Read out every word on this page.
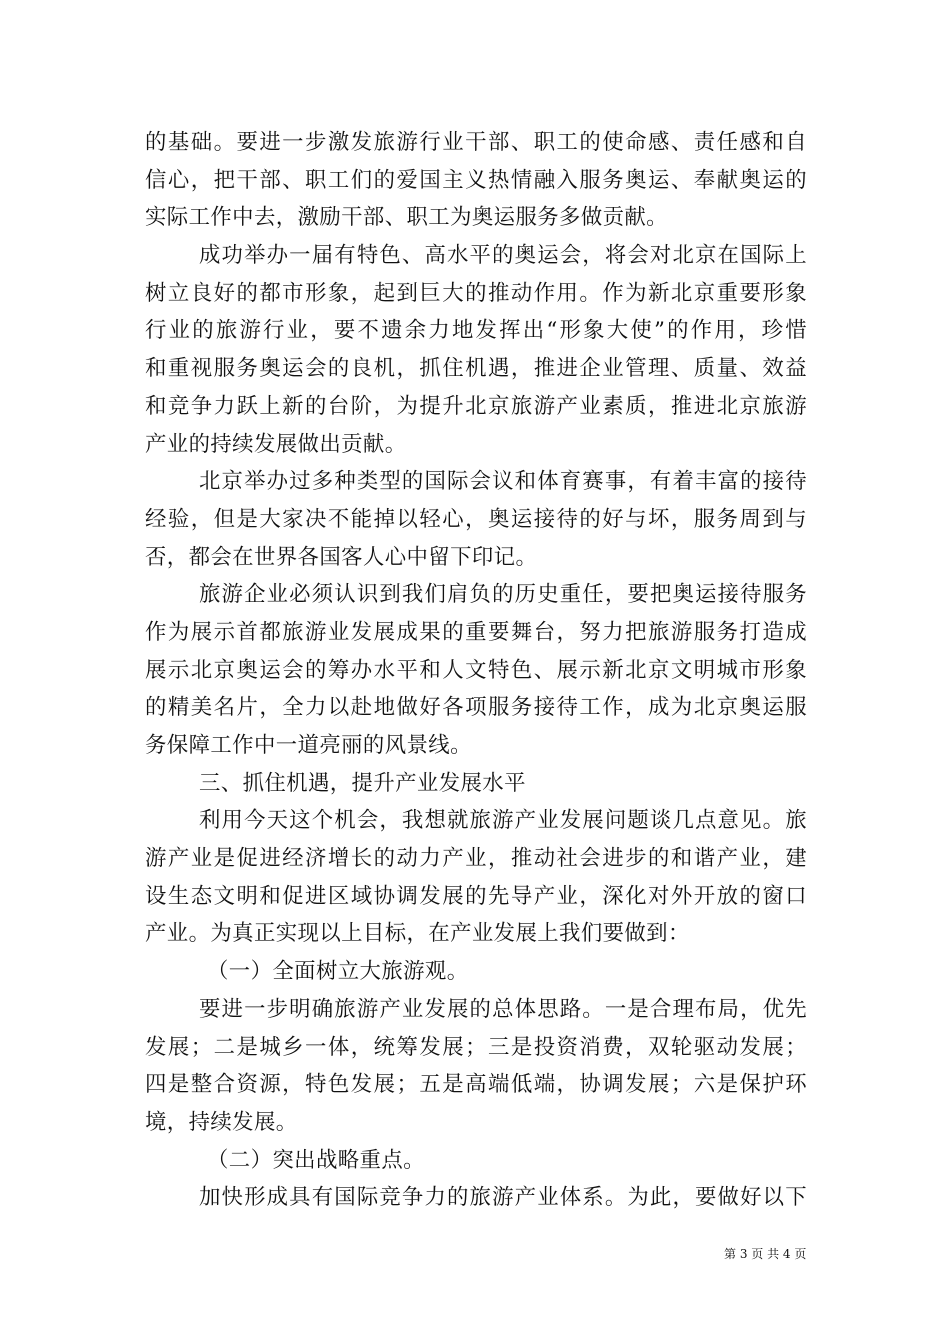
的基础。要进一步激发旅游行业干部、职工的使命感、责任感和自
信心，把干部、职工们的爱国主义热情融入服务奥运、奉献奥运的
实际工作中去，激励干部、职工为奥运服务多做贡献。
成功举办一届有特色、高水平的奥运会，将会对北京在国际上
树立良好的都市形象，起到巨大的推动作用。作为新北京重要形象
行业的旅游行业，要不遗余力地发挥出“形象大使”的作用，珍惜
和重视服务奥运会的良机，抓住机遇，推进企业管理、质量、效益
和竞争力跃上新的台阶，为提升北京旅游产业素质，推进北京旅游
产业的持续发展做出贡献。
北京举办过多种类型的国际会议和体育赛事，有着丰富的接待
经验，但是大家决不能掉以轻心，奥运接待的好与坏，服务周到与
否，都会在世界各国客人心中留下印记。
旅游企业必须认识到我们肩负的历史重任，要把奥运接待服务
作为展示首都旅游业发展成果的重要舞台，努力把旅游服务打造成
展示北京奥运会的筹办水平和人文特色、展示新北京文明城市形象
的精美名片，全力以赴地做好各项服务接待工作，成为北京奥运服
务保障工作中一道亮丽的风景线。
三、抓住机遇，提升产业发展水平
利用今天这个机会，我想就旅游产业发展问题谈几点意见。旅
游产业是促进经济增长的动力产业，推动社会进步的和谐产业，建
设生态文明和促进区域协调发展的先导产业，深化对外开放的窗口
产业。为真正实现以上目标，在产业发展上我们要做到：
（一）全面树立大旅游观。
要进一步明确旅游产业发展的总体思路。一是合理布局，优先
发展；二是城乡一体，统筹发展；三是投资消费，双轮驱动发展；
四是整合资源，特色发展；五是高端低端，协调发展；六是保护环
境，持续发展。
（二）突出战略重点。
加快形成具有国际竞争力的旅游产业体系。为此，要做好以下
第 3 页 共 4 页
